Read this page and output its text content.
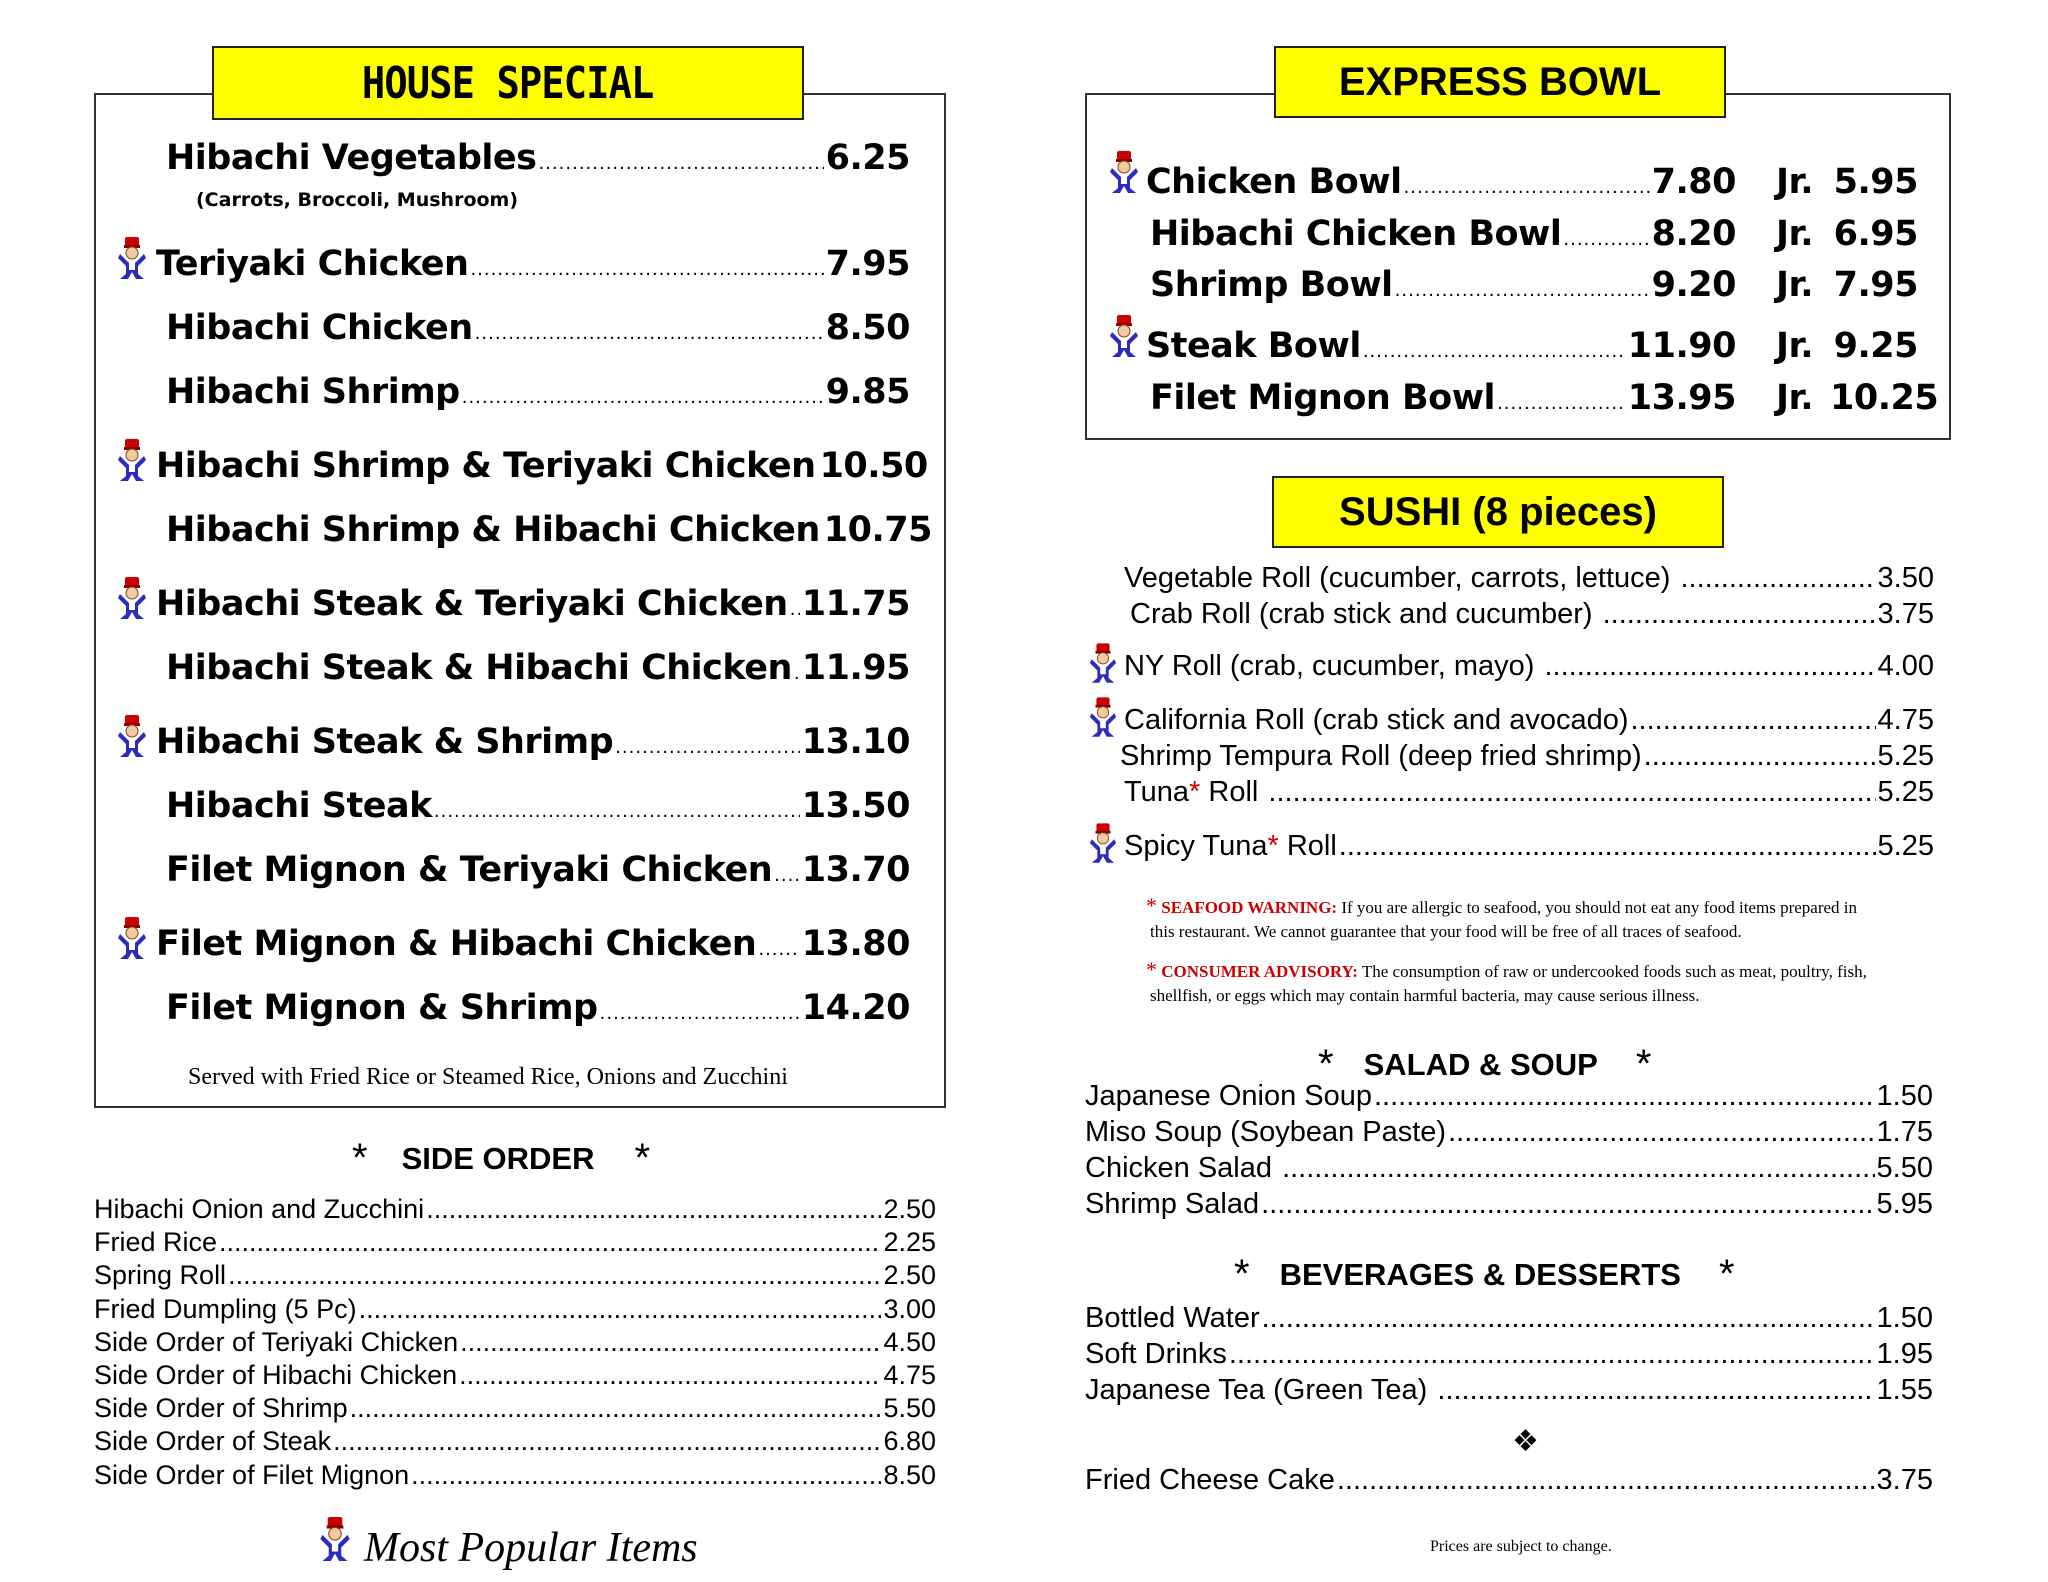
HOUSE SPECIAL
Hibachi Vegetables .....	6.25
Teriyaki Chicken .....	7.95
Hibachi Chicken .....	8.50
Hibachi Shrimp .....	9.85
Hibachi Shrimp & Teriyaki Chicken 10.50
Hibachi Shrimp & Hibachi Chicken 10.75
Hibachi Steak & Teriyaki Chicken ..... 11.75
Hibachi Steak & Hibachi Chicken ..... 11.95
Hibachi Steak & Shrimp .....	13.10
Hibachi Steak .....	13.50
Filet Mignon & Teriyaki Chicken ..... 13.70
Filet Mignon & Hibachi Chicken ..... 13.80
Filet Mignon & Shrimp .....	14.20
(Carrots, Broccoli, Mushroom)
Served with Fried Rice or Steamed Rice, Onions and Zucchini
* SIDE ORDER *
Hibachi Onion and Zucchini .....	2.50
Fried Rice .....	2.25
Spring Roll .....	2.50
Fried Dumpling (5 Pc) .....	3.00
Side Order of Teriyaki Chicken .....	4.50
Side Order of Hibachi Chicken .....	4.75
Side Order of Shrimp .....	5.50
Side Order of Steak .....	6.80
Side Order of Filet Mignon .....	8.50
Most Popular Items
EXPRESS BOWL
Chicken Bowl .....	7.80 Jr. 5.95
Hibachi Chicken Bowl .....	8.20 Jr. 6.95
Shrimp Bowl .....	9.20 Jr. 7.95
Steak Bowl .....	11.90 Jr. 9.25
Filet Mignon Bowl .....	13.95 Jr. 10.25
SUSHI (8 pieces)
Vegetable Roll (cucumber, carrots, lettuce) .....	3.50
Crab Roll (crab stick and cucumber) .....	3.75
NY Roll (crab, cucumber, mayo) .....	4.00
California Roll (crab stick and avocado) .....	4.75
Shrimp Tempura Roll (deep fried shrimp) .....	5.25
Tuna* Roll .....	5.25
Spicy Tuna* Roll .....	5.25
* SEAFOOD WARNING: If you are allergic to seafood, you should not eat any food items prepared in
this restaurant. We cannot guarantee that your food will be free of all traces of seafood.
* CONSUMER ADVISORY: The consumption of raw or undercooked foods such as meat, poultry, fish,
shellfish, or eggs which may contain harmful bacteria, may cause serious illness.
* SALAD & SOUP *
Japanese Onion Soup .....	1.50
Miso Soup (Soybean Paste) .....	1.75
Chicken Salad .....	5.50
Shrimp Salad .....	5.95
* BEVERAGES & DESSERTS *
Bottled Water .....	1.50
Soft Drinks .....	1.95
Japanese Tea (Green Tea) .....	1.55
❖
Fried Cheese Cake .....	3.75
Prices are subject to change.
